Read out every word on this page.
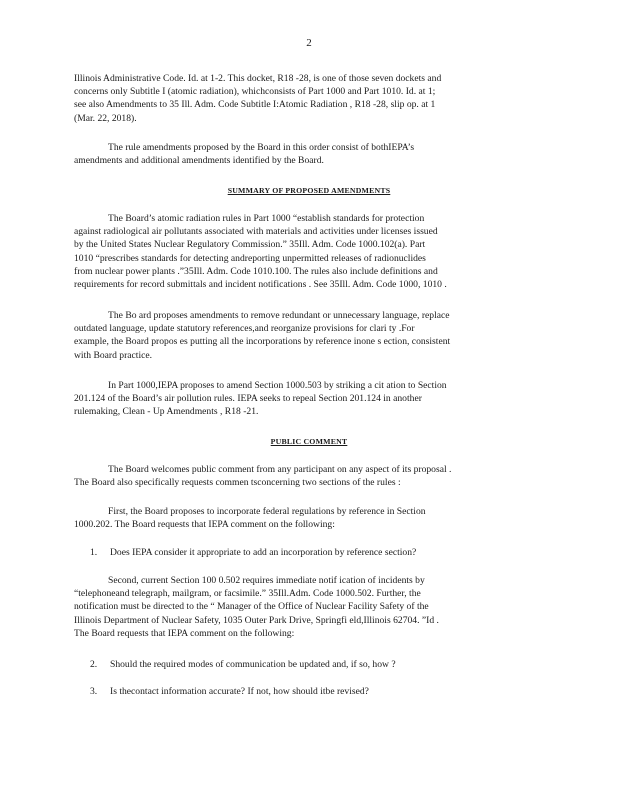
2
Illinois Administrative Code. Id. at 1-2. This docket, R18 -28, is one of those seven dockets and
concerns only Subtitle I (atomic radiation), whichconsists of Part 1000 and Part 1010. Id. at 1;
see also Amendments to 35 Ill. Adm. Code Subtitle I:Atomic Radiation , R18 -28, slip op. at 1
(Mar. 22, 2018).
The rule amendments proposed by the Board in this order consist of bothIEPA’s
amendments and additional amendments identified by the Board.
SUMMARY OF PROPOSED AMENDMENTS
The Board’s atomic radiation rules in Part 1000 “establish standards for protection
against radiological air pollutants associated with materials and activities under licenses issued
by the United States Nuclear Regulatory Commission.” 35Ill. Adm. Code 1000.102(a). Part
1010 “prescribes standards for detecting andreporting unpermitted releases of radionuclides
from nuclear power plants .”35Ill. Adm. Code 1010.100. The rules also include definitions and
requirements for record submittals and incident notifications . See 35Ill. Adm. Code 1000, 1010 .
The Bo ard proposes amendments to remove redundant or unnecessary language, replace
outdated language, update statutory references,and reorganize provisions for clari ty .For
example, the Board propos es putting all the incorporations by reference inone s ection, consistent
with Board practice.
In Part 1000,IEPA proposes to amend Section 1000.503 by striking a cit ation to Section
201.124 of the Board’s air pollution rules. IEPA seeks to repeal Section 201.124 in another
rulemaking, Clean - Up Amendments , R18 -21.
PUBLIC COMMENT
The Board welcomes public comment from any participant on any aspect of its proposal .
The Board also specifically requests commen tsconcerning two sections of the rules :
First, the Board proposes to incorporate federal regulations by reference in Section
1000.202. The Board requests that IEPA comment on the following:
1. Does IEPA consider it appropriate to add an incorporation by reference section?
Second, current Section 100 0.502 requires immediate notif ication of incidents by
“telephoneand telegraph, mailgram, or facsimile.” 35Ill.Adm. Code 1000.502. Further, the
notification must be directed to the “ Manager of the Office of Nuclear Facility Safety of the
Illinois Department of Nuclear Safety, 1035 Outer Park Drive, Springfi eld,Illinois 62704. ”Id .
The Board requests that IEPA comment on the following:
2. Should the required modes of communication be updated and, if so, how ?
3. Is thecontact information accurate? If not, how should itbe revised?
